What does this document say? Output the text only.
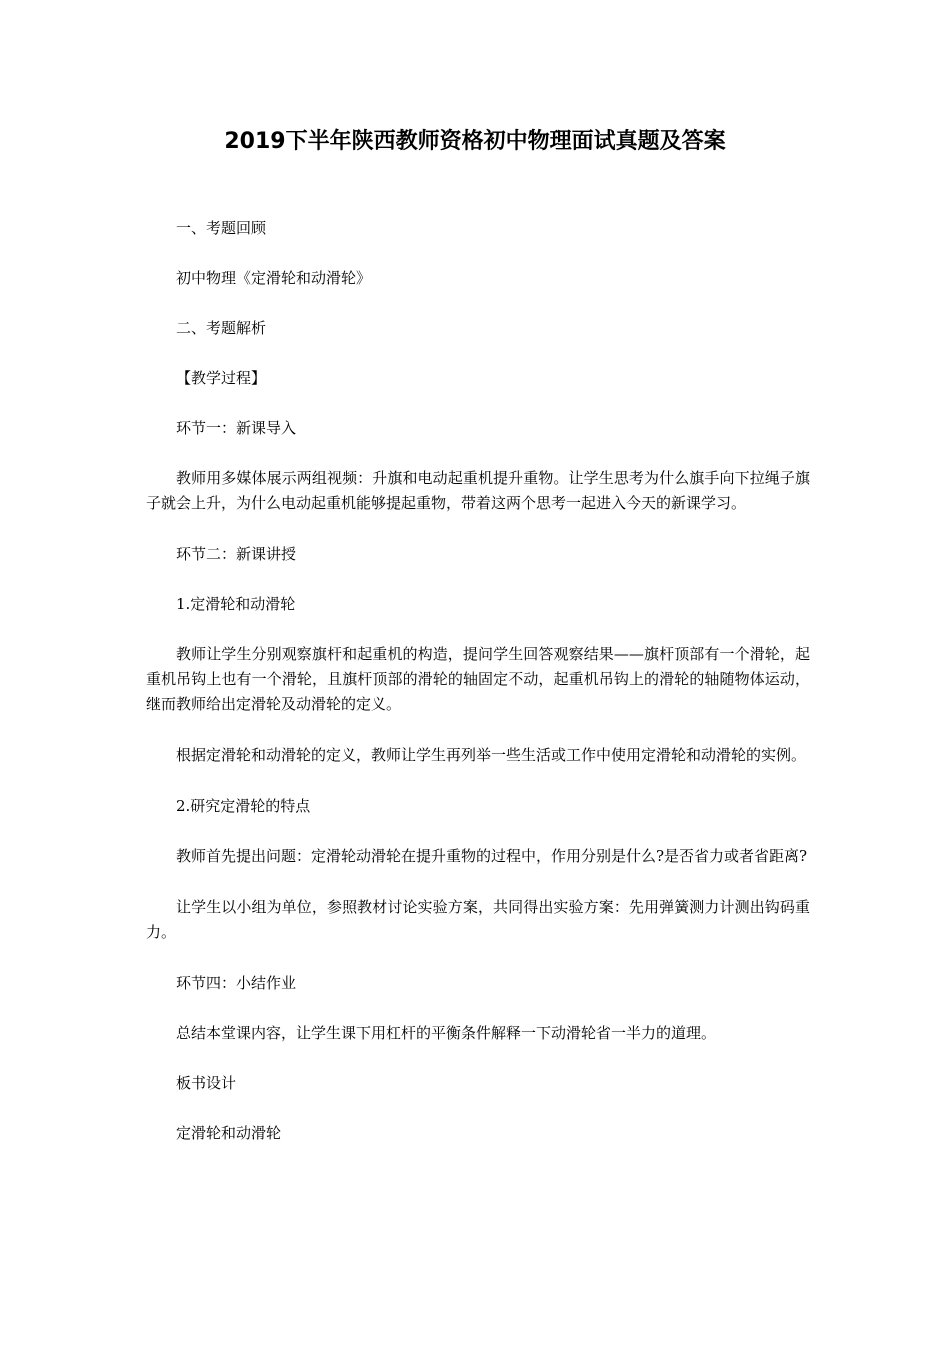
2019下半年陕西教师资格初中物理面试真题及答案

一、考题回顾

初中物理《定滑轮和动滑轮》

二、考题解析

【教学过程】

环节一：新课导入

教师用多媒体展示两组视频：升旗和电动起重机提升重物。让学生思考为什么旗手向下拉绳子旗子就会上升，为什么电动起重机能够提起重物，带着这两个思考一起进入今天的新课学习。

环节二：新课讲授

1.定滑轮和动滑轮

教师让学生分别观察旗杆和起重机的构造，提问学生回答观察结果——旗杆顶部有一个滑轮，起重机吊钩上也有一个滑轮，且旗杆顶部的滑轮的轴固定不动，起重机吊钩上的滑轮的轴随物体运动，继而教师给出定滑轮及动滑轮的定义。

根据定滑轮和动滑轮的定义，教师让学生再列举一些生活或工作中使用定滑轮和动滑轮的实例。

2.研究定滑轮的特点

教师首先提出问题：定滑轮动滑轮在提升重物的过程中，作用分别是什么?是否省力或者省距离?

让学生以小组为单位，参照教材讨论实验方案，共同得出实验方案：先用弹簧测力计测出钩码重力。

环节四：小结作业

总结本堂课内容，让学生课下用杠杆的平衡条件解释一下动滑轮省一半力的道理。

板书设计

定滑轮和动滑轮
